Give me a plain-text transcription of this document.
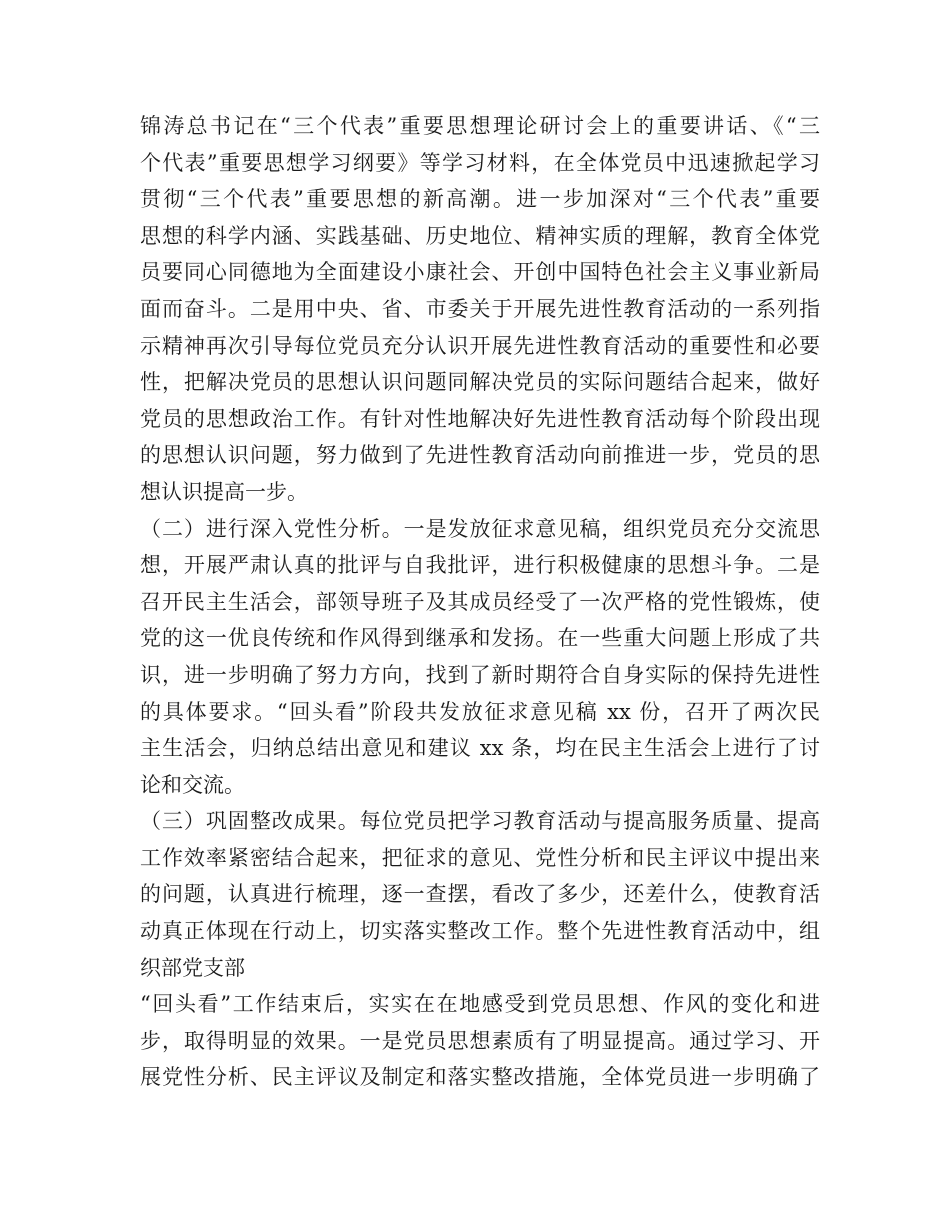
锦涛总书记在“三个代表”重要思想理论研讨会上的重要讲话、《“三
个代表”重要思想学习纲要》等学习材料，在全体党员中迅速掀起学习
贯彻“三个代表”重要思想的新高潮。进一步加深对“三个代表”重要
思想的科学内涵、实践基础、历史地位、精神实质的理解，教育全体党
员要同心同德地为全面建设小康社会、开创中国特色社会主义事业新局
面而奋斗。二是用中央、省、市委关于开展先进性教育活动的一系列指
示精神再次引导每位党员充分认识开展先进性教育活动的重要性和必要
性，把解决党员的思想认识问题同解决党员的实际问题结合起来，做好
党员的思想政治工作。有针对性地解决好先进性教育活动每个阶段出现
的思想认识问题，努力做到了先进性教育活动向前推进一步，党员的思
想认识提高一步。
（二）进行深入党性分析。一是发放征求意见稿，组织党员充分交流思
想，开展严肃认真的批评与自我批评，进行积极健康的思想斗争。二是
召开民主生活会，部领导班子及其成员经受了一次严格的党性锻炼，使
党的这一优良传统和作风得到继承和发扬。在一些重大问题上形成了共
识，进一步明确了努力方向，找到了新时期符合自身实际的保持先进性
的具体要求。“回头看”阶段共发放征求意见稿 xx 份，召开了两次民
主生活会，归纳总结出意见和建议 xx 条，均在民主生活会上进行了讨
论和交流。
（三）巩固整改成果。每位党员把学习教育活动与提高服务质量、提高
工作效率紧密结合起来，把征求的意见、党性分析和民主评议中提出来
的问题，认真进行梳理，逐一查摆，看改了多少，还差什么，使教育活
动真正体现在行动上，切实落实整改工作。整个先进性教育活动中，组
织部党支部
“回头看”工作结束后，实实在在地感受到党员思想、作风的变化和进
步，取得明显的效果。一是党员思想素质有了明显提高。通过学习、开
展党性分析、民主评议及制定和落实整改措施，全体党员进一步明确了
